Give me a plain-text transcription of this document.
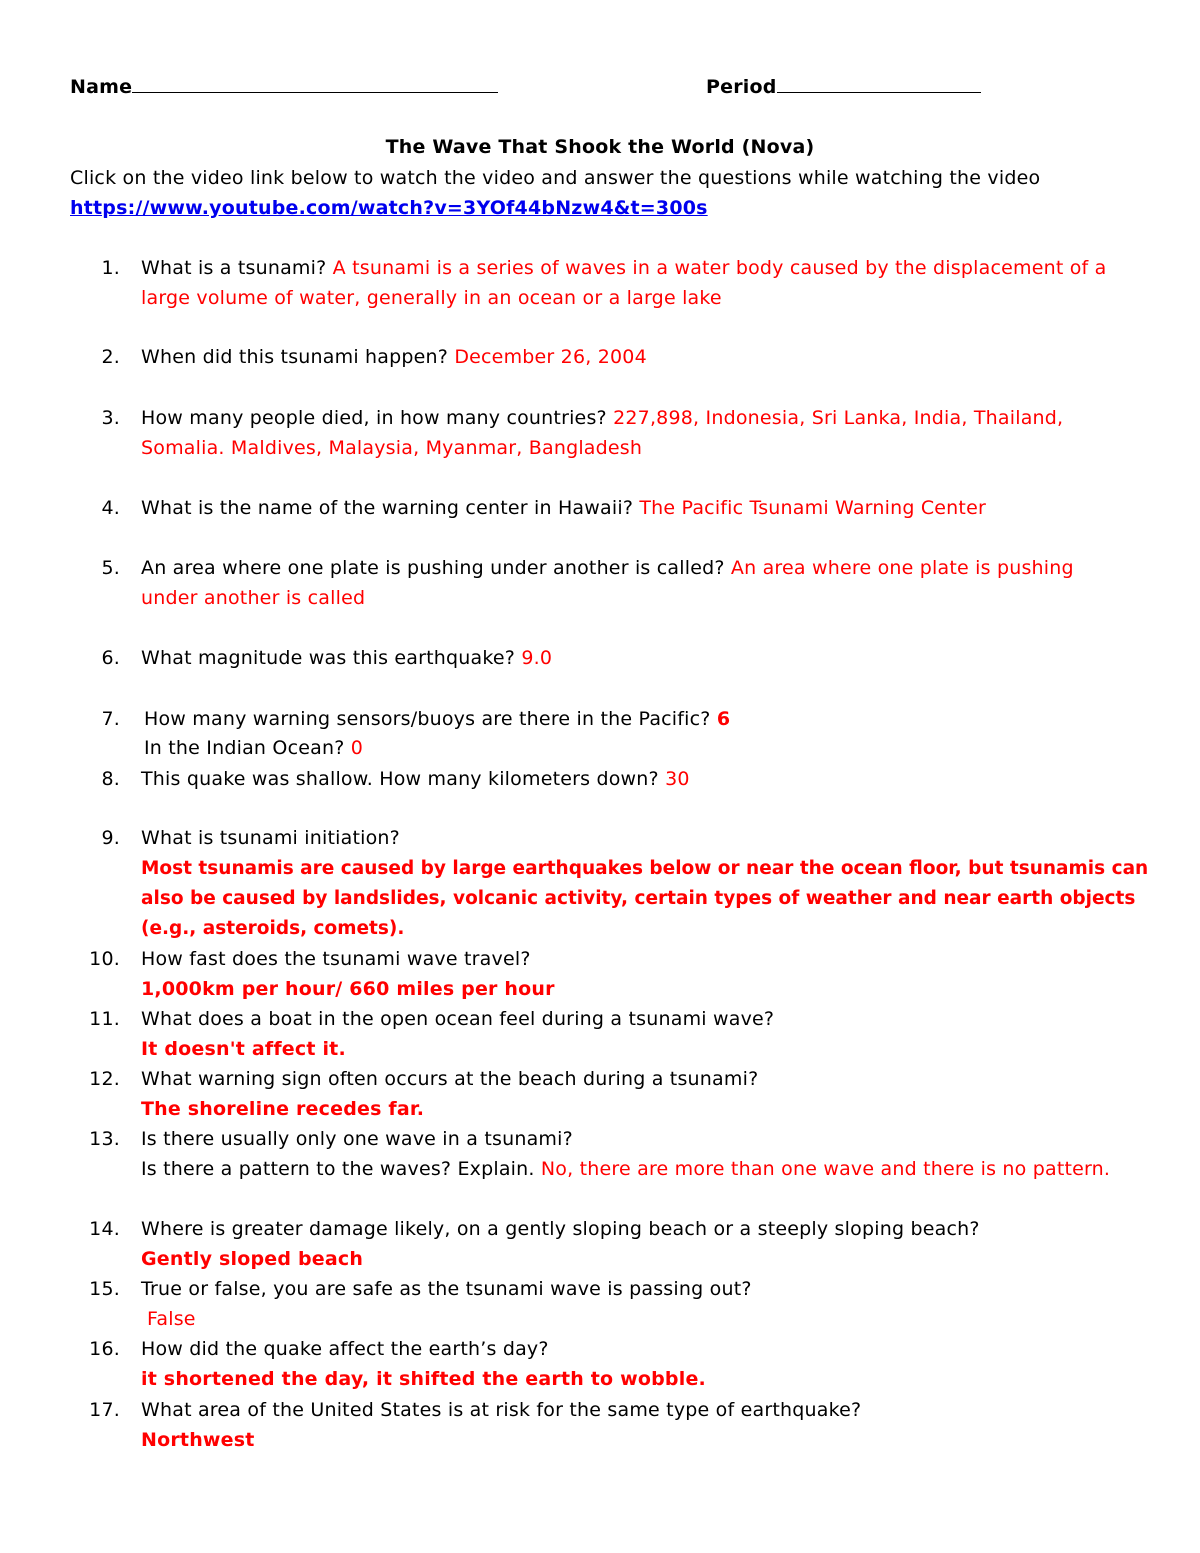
Name	Period
The Wave That Shook the World (Nova)
Click on the video link below to watch the video and answer the questions while watching the video
https://www.youtube.com/watch?v=3YOf44bNzw4&t=300s
1. What is a tsunami? A tsunami is a series of waves in a water body caused by the displacement of a
large volume of water, generally in an ocean or a large lake
2. When did this tsunami happen? December 26, 2004
3. How many people died, in how many countries? 227,898, Indonesia, Sri Lanka, India, Thailand,
Somalia. Maldives, Malaysia, Myanmar, Bangladesh
4. What is the name of the warning center in Hawaii? The Pacific Tsunami Warning Center
5. An area where one plate is pushing under another is called? An area where one plate is pushing
under another is called
6. What magnitude was this earthquake? 9.0
7. How many warning sensors/buoys are there in the Pacific? 6
In the Indian Ocean? 0
8. This quake was shallow. How many kilometers down? 30
9. What is tsunami initiation?
Most tsunamis are caused by large earthquakes below or near the ocean floor, but tsunamis can
also be caused by landslides, volcanic activity, certain types of weather and near earth objects
(e.g., asteroids, comets).
10. How fast does the tsunami wave travel?
1,000km per hour/ 660 miles per hour
11. What does a boat in the open ocean feel during a tsunami wave?
It doesn't affect it.
12. What warning sign often occurs at the beach during a tsunami?
The shoreline recedes far.
13. Is there usually only one wave in a tsunami?
Is there a pattern to the waves? Explain. No, there are more than one wave and there is no pattern.
14. Where is greater damage likely, on a gently sloping beach or a steeply sloping beach?
Gently sloped beach
15. True or false, you are safe as the tsunami wave is passing out?
False
16. How did the quake affect the earth’s day?
it shortened the day, it shifted the earth to wobble.
17. What area of the United States is at risk for the same type of earthquake?
Northwest
